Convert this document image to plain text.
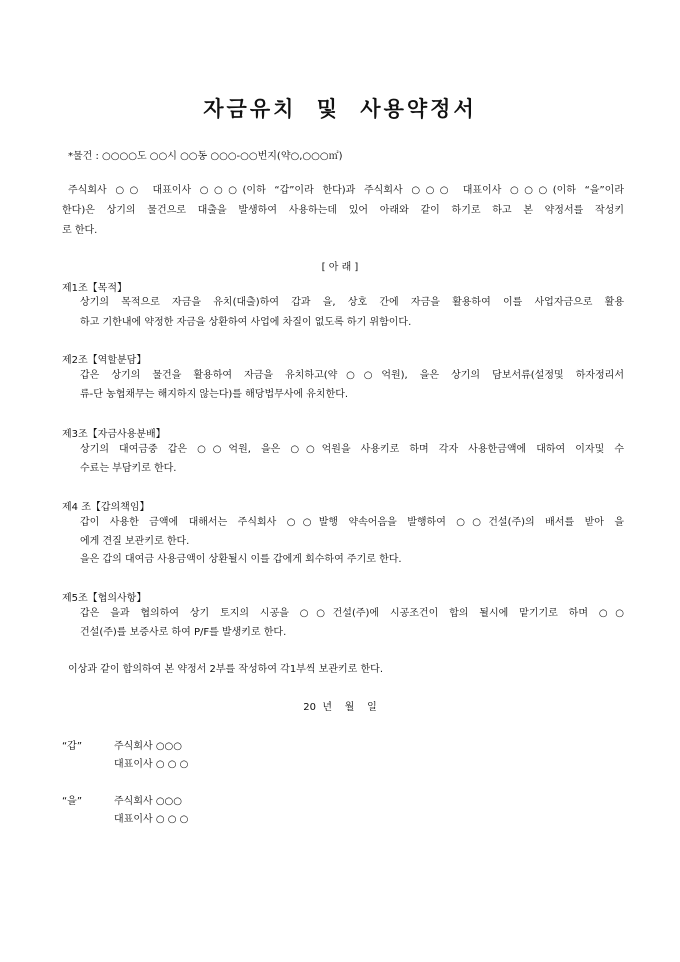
자금유치 및 사용약정서
*물건 : ○○○○도 ○○시 ○○동 ○○○-○○번지(약○,○○○㎡)
주식회사 ○○ 대표이사 ○○○(이하 “갑”이라 한다)과 주식회사 ○○○ 대표이사 ○○○(이하 “을”이라
한다)은 상기의 물건으로 대출을 발생하여 사용하는데 있어 아래와 같이 하기로 하고 본 약정서를 작성키
로 한다.
[ 아 래 ]
제1조【목적】
상기의 목적으로 자금을 유치(대출)하여 갑과 을, 상호 간에 자금을 활용하여 이를 사업자금으로 활용
하고 기한내에 약정한 자금을 상환하여 사업에 차질이 없도록 하기 위함이다.
제2조【역할분담】
갑은 상기의 물건을 활용하여 자금을 유치하고(약○○억원), 을은 상기의 담보서류(설정및 하자정리서
류-단 농협채무는 해지하지 않는다)를 해당법무사에 유치한다.
제3조【자금사용분배】
상기의 대여금중 갑은 ○○억원, 을은 ○○억원을 사용키로 하며 각자 사용한금액에 대하여 이자및 수
수료는 부담키로 한다.
제4 조【갑의책임】
갑이 사용한 금액에 대해서는 주식회사 ○○발행 약속어음을 발행하여 ○○건설(주)의 배서를 받아 을
에게 견질 보관키로 한다.
을은 갑의 대여금 사용금액이 상환될시 이를 갑에게 회수하여 주기로 한다.
제5조【협의사항】
갑은 을과 협의하여 상기 토지의 시공을 ○○건설(주)에 시공조건이 합의 될시에 맡기기로 하며 ○○
건설(주)를 보증사로 하여 P/F를 발생키로 한다.
이상과 같이 합의하여 본 약정서 2부를 작성하여 각1부씩 보관키로 한다.
20  년    월    일
“갑”	주식회사 ○○○
대표이사 ○ ○ ○
“을”	주식회사 ○○○
대표이사 ○ ○ ○
